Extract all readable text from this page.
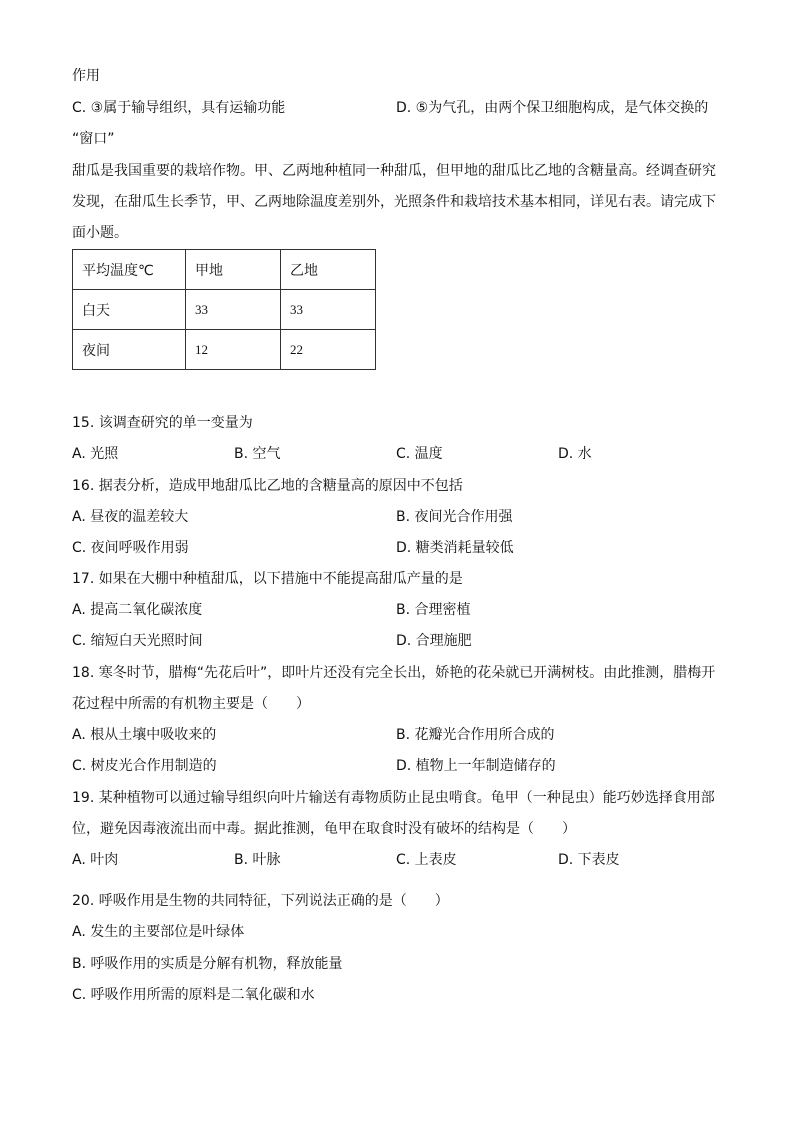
作用
C. ③属于输导组织，具有运输功能	D. ⑤为气孔，由两个保卫细胞构成，是气体交换的
“窗口”
甜瓜是我国重要的栽培作物。甲、乙两地种植同一种甜瓜，但甲地的甜瓜比乙地的含糖量高。经调查研究
发现，在甜瓜生长季节，甲、乙两地除温度差别外，光照条件和栽培技术基本相同，详见右表。请完成下
面小题。
平均温度℃	甲地	乙地
白天	33	33
夜间	12	22
15. 该调查研究的单一变量为
A. 光照	B. 空气	C. 温度	D. 水
16. 据表分析，造成甲地甜瓜比乙地的含糖量高的原因中不包括
A. 昼夜的温差较大	B. 夜间光合作用强
C. 夜间呼吸作用弱	D. 糖类消耗量较低
17. 如果在大棚中种植甜瓜，以下措施中不能提高甜瓜产量的是
A. 提高二氧化碳浓度	B. 合理密植
C. 缩短白天光照时间	D. 合理施肥
18. 寒冬时节，腊梅“先花后叶”，即叶片还没有完全长出，娇艳的花朵就已开满树枝。由此推测，腊梅开
花过程中所需的有机物主要是（　　）
A. 根从土壤中吸收来的	B. 花瓣光合作用所合成的
C. 树皮光合作用制造的	D. 植物上一年制造储存的
19. 某种植物可以通过输导组织向叶片输送有毒物质防止昆虫啃食。龟甲（一种昆虫）能巧妙选择食用部
位，避免因毒液流出而中毒。据此推测，龟甲在取食时没有破坏的结构是（　　）
A. 叶肉	B. 叶脉	C. 上表皮	D. 下表皮
20. 呼吸作用是生物的共同特征，下列说法正确的是（　　）
A. 发生的主要部位是叶绿体
B. 呼吸作用的实质是分解有机物，释放能量
C. 呼吸作用所需的原料是二氧化碳和水
